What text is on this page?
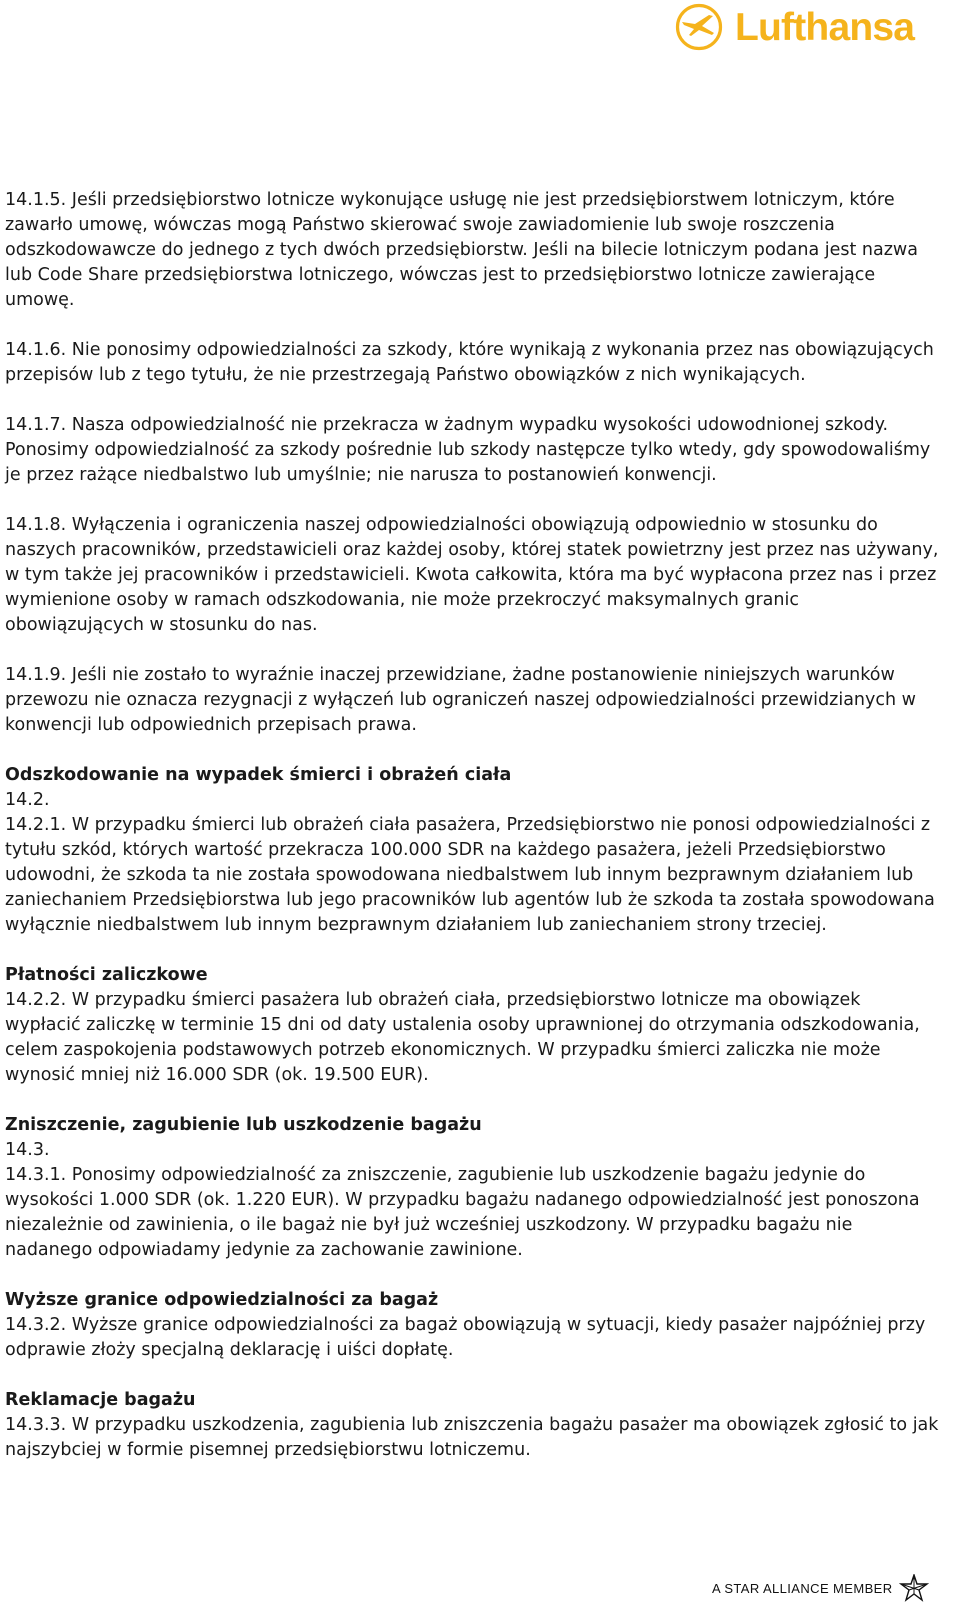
Lufthansa

14.1.5. Jeśli przedsiębiorstwo lotnicze wykonujące usługę nie jest przedsiębiorstwem lotniczym, które zawarło umowę, wówczas mogą Państwo skierować swoje zawiadomienie lub swoje roszczenia odszkodowawcze do jednego z tych dwóch przedsiębiorstw. Jeśli na bilecie lotniczym podana jest nazwa lub Code Share przedsiębiorstwa lotniczego, wówczas jest to przedsiębiorstwo lotnicze zawierające umowę.

14.1.6. Nie ponosimy odpowiedzialności za szkody, które wynikają z wykonania przez nas obowiązujących przepisów lub z tego tytułu, że nie przestrzegają Państwo obowiązków z nich wynikających.

14.1.7. Nasza odpowiedzialność nie przekracza w żadnym wypadku wysokości udowodnionej szkody. Ponosimy odpowiedzialność za szkody pośrednie lub szkody następcze tylko wtedy, gdy spowodowaliśmy je przez rażące niedbalstwo lub umyślnie; nie narusza to postanowień konwencji.

14.1.8. Wyłączenia i ograniczenia naszej odpowiedzialności obowiązują odpowiednio w stosunku do naszych pracowników, przedstawicieli oraz każdej osoby, której statek powietrzny jest przez nas używany, w tym także jej pracowników i przedstawicieli. Kwota całkowita, która ma być wypłacona przez nas i przez wymienione osoby w ramach odszkodowania, nie może przekroczyć maksymalnych granic obowiązujących w stosunku do nas.

14.1.9. Jeśli nie zostało to wyraźnie inaczej przewidziane, żadne postanowienie niniejszych warunków przewozu nie oznacza rezygnacji z wyłączeń lub ograniczeń naszej odpowiedzialności przewidzianych w konwencji lub odpowiednich przepisach prawa.

Odszkodowanie na wypadek śmierci i obrażeń ciała
14.2.
14.2.1. W przypadku śmierci lub obrażeń ciała pasażera, Przedsiębiorstwo nie ponosi odpowiedzialności z tytułu szkód, których wartość przekracza 100.000 SDR na każdego pasażera, jeżeli Przedsiębiorstwo udowodni, że szkoda ta nie została spowodowana niedbalstwem lub innym bezprawnym działaniem lub zaniechaniem Przedsiębiorstwa lub jego pracowników lub agentów lub że szkoda ta została spowodowana wyłącznie niedbalstwem lub innym bezprawnym działaniem lub zaniechaniem strony trzeciej.
Płatności zaliczkowe
14.2.2. W przypadku śmierci pasażera lub obrażeń ciała, przedsiębiorstwo lotnicze ma obowiązek wypłacić zaliczkę w terminie 15 dni od daty ustalenia osoby uprawnionej do otrzymania odszkodowania, celem zaspokojenia podstawowych potrzeb ekonomicznych. W przypadku śmierci zaliczka nie może wynosić mniej niż 16.000 SDR (ok. 19.500 EUR).
Zniszczenie, zagubienie lub uszkodzenie bagażu
14.3.
14.3.1. Ponosimy odpowiedzialność za zniszczenie, zagubienie lub uszkodzenie bagażu jedynie do wysokości 1.000 SDR (ok. 1.220 EUR). W przypadku bagażu nadanego odpowiedzialność jest ponoszona niezależnie od zawinienia, o ile bagaż nie był już wcześniej uszkodzony. W przypadku bagażu nie nadanego odpowiadamy jedynie za zachowanie zawinione.
Wyższe granice odpowiedzialności za bagaż
14.3.2. Wyższe granice odpowiedzialności za bagaż obowiązują w sytuacji, kiedy pasażer najpóźniej przy odprawie złoży specjalną deklarację i uiści dopłatę.
Reklamacje bagażu
14.3.3. W przypadku uszkodzenia, zagubienia lub zniszczenia bagażu pasażer ma obowiązek zgłosić to jak najszybciej w formie pisemnej przedsiębiorstwu lotniczemu.
A STAR ALLIANCE MEMBER
